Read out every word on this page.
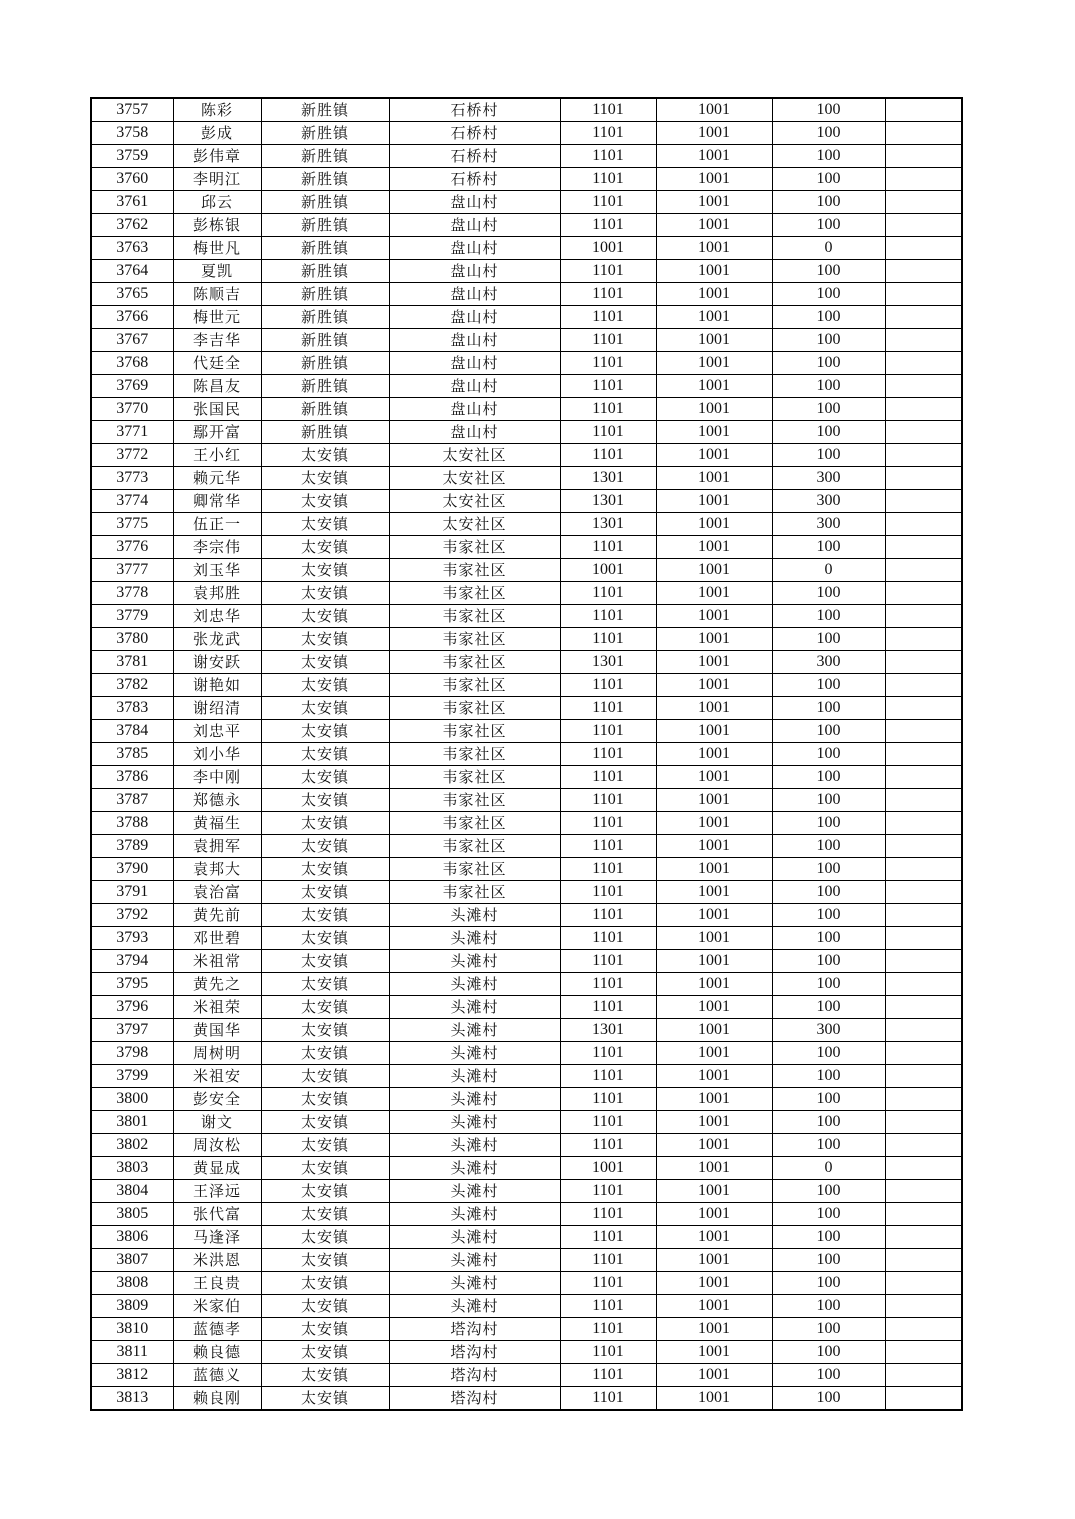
3757	陈彩	新胜镇	石桥村	1101	1001	100	
3758	彭成	新胜镇	石桥村	1101	1001	100	
3759	彭伟章	新胜镇	石桥村	1101	1001	100	
3760	李明江	新胜镇	石桥村	1101	1001	100	
3761	邱云	新胜镇	盘山村	1101	1001	100	
3762	彭栋银	新胜镇	盘山村	1101	1001	100	
3763	梅世凡	新胜镇	盘山村	1001	1001	0	
3764	夏凯	新胜镇	盘山村	1101	1001	100	
3765	陈顺吉	新胜镇	盘山村	1101	1001	100	
3766	梅世元	新胜镇	盘山村	1101	1001	100	
3767	李吉华	新胜镇	盘山村	1101	1001	100	
3768	代廷全	新胜镇	盘山村	1101	1001	100	
3769	陈昌友	新胜镇	盘山村	1101	1001	100	
3770	张国民	新胜镇	盘山村	1101	1001	100	
3771	鄢开富	新胜镇	盘山村	1101	1001	100	
3772	王小红	太安镇	太安社区	1101	1001	100	
3773	赖元华	太安镇	太安社区	1301	1001	300	
3774	卿常华	太安镇	太安社区	1301	1001	300	
3775	伍正一	太安镇	太安社区	1301	1001	300	
3776	李宗伟	太安镇	韦家社区	1101	1001	100	
3777	刘玉华	太安镇	韦家社区	1001	1001	0	
3778	袁邦胜	太安镇	韦家社区	1101	1001	100	
3779	刘忠华	太安镇	韦家社区	1101	1001	100	
3780	张龙武	太安镇	韦家社区	1101	1001	100	
3781	谢安跃	太安镇	韦家社区	1301	1001	300	
3782	谢艳如	太安镇	韦家社区	1101	1001	100	
3783	谢绍清	太安镇	韦家社区	1101	1001	100	
3784	刘忠平	太安镇	韦家社区	1101	1001	100	
3785	刘小华	太安镇	韦家社区	1101	1001	100	
3786	李中刚	太安镇	韦家社区	1101	1001	100	
3787	郑德永	太安镇	韦家社区	1101	1001	100	
3788	黄福生	太安镇	韦家社区	1101	1001	100	
3789	袁拥军	太安镇	韦家社区	1101	1001	100	
3790	袁邦大	太安镇	韦家社区	1101	1001	100	
3791	袁治富	太安镇	韦家社区	1101	1001	100	
3792	黄先前	太安镇	头滩村	1101	1001	100	
3793	邓世碧	太安镇	头滩村	1101	1001	100	
3794	米祖常	太安镇	头滩村	1101	1001	100	
3795	黄先之	太安镇	头滩村	1101	1001	100	
3796	米祖荣	太安镇	头滩村	1101	1001	100	
3797	黄国华	太安镇	头滩村	1301	1001	300	
3798	周树明	太安镇	头滩村	1101	1001	100	
3799	米祖安	太安镇	头滩村	1101	1001	100	
3800	彭安全	太安镇	头滩村	1101	1001	100	
3801	谢文	太安镇	头滩村	1101	1001	100	
3802	周汝松	太安镇	头滩村	1101	1001	100	
3803	黄显成	太安镇	头滩村	1001	1001	0	
3804	王泽远	太安镇	头滩村	1101	1001	100	
3805	张代富	太安镇	头滩村	1101	1001	100	
3806	马逢泽	太安镇	头滩村	1101	1001	100	
3807	米洪恩	太安镇	头滩村	1101	1001	100	
3808	王良贵	太安镇	头滩村	1101	1001	100	
3809	米家伯	太安镇	头滩村	1101	1001	100	
3810	蓝德孝	太安镇	塔沟村	1101	1001	100	
3811	赖良德	太安镇	塔沟村	1101	1001	100	
3812	蓝德义	太安镇	塔沟村	1101	1001	100	
3813	赖良刚	太安镇	塔沟村	1101	1001	100	
